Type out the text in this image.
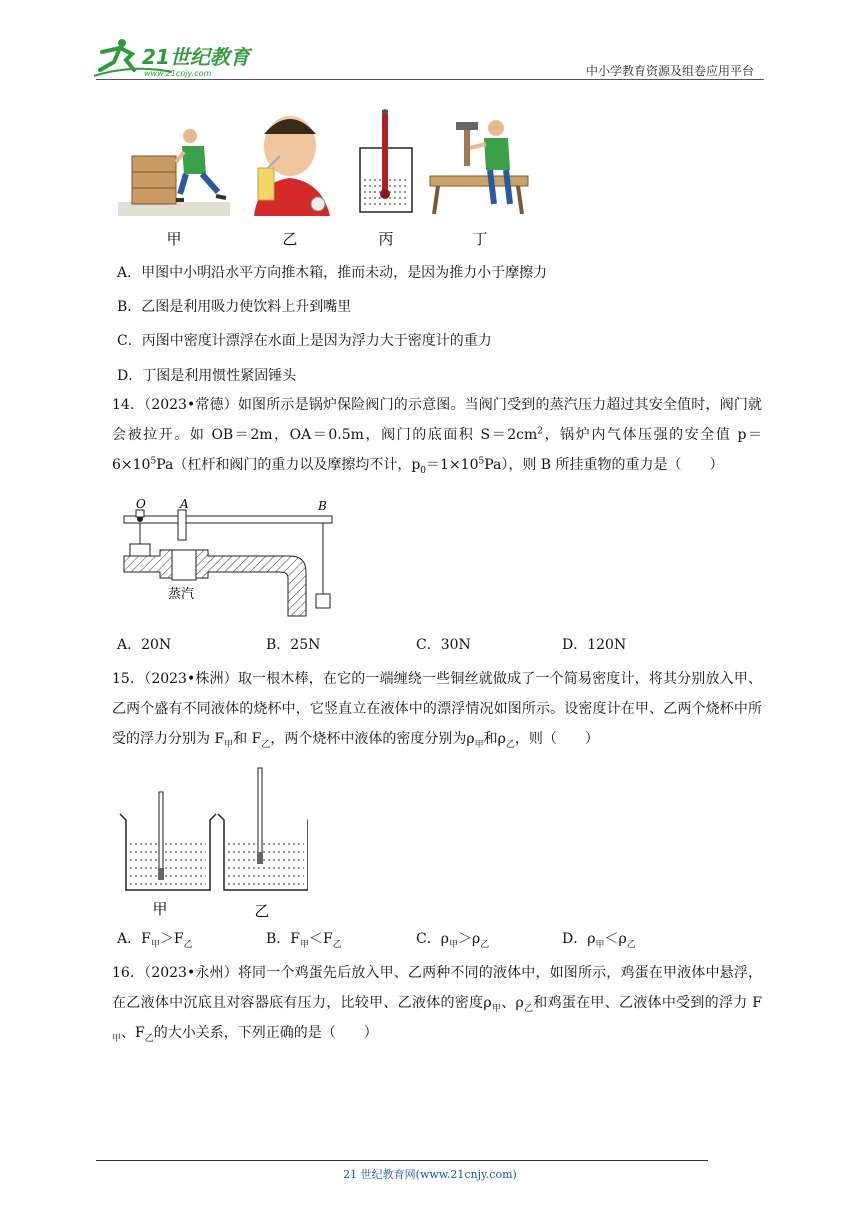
21世纪教育
www.21cnjy.com	中小学教育资源及组卷应用平台
甲	乙	丙	丁
A．甲图中小明沿水平方向推木箱，推而未动，是因为推力小于摩擦力
B．乙图是利用吸力使饮料上升到嘴里
C．丙图中密度计漂浮在水面上是因为浮力大于密度计的重力
D．丁图是利用惯性紧固锤头
14．（2023•常德）如图所示是锅炉保险阀门的示意图。当阀门受到的蒸汽压力超过其安全值时，阀门就会被拉开。如 OB＝2m，OA＝0.5m，阀门的底面积 $S=2cm^2$，锅炉内气体压强的安全值 $p=6\times 10^5Pa$（杠杆和阀门的重力以及摩擦均不计，$p_0=1\times 10^5Pa$），则 B 所挂重物的重力是（　　）
O	A	B
蒸汽
A．20N	B．25N	C．30N	D．120N
15．（2023•株洲）取一根木棒，在它的一端缠绕一些铜丝就做成了一个简易密度计，将其分别放入甲、乙两个盛有不同液体的烧杯中，它竖直立在液体中的漂浮情况如图所示。设密度计在甲、乙两个烧杯中所受的浮力分别为 $F_甲$和 $F_乙$，两个烧杯中液体的密度分别为$\rho_甲$和$\rho_乙$，则（　　）
甲	乙
A．$F_甲>F_乙$	B．$F_甲<F_乙$	C．$\rho_甲>\rho_乙$	D．$\rho_甲<\rho_乙$
16．（2023•永州）将同一个鸡蛋先后放入甲、乙两种不同的液体中，如图所示，鸡蛋在甲液体中悬浮，在乙液体中沉底且对容器底有压力，比较甲、乙液体的密度$\rho_甲$、$\rho_乙$和鸡蛋在甲、乙液体中受到的浮力 $F_甲$、$F_乙$的大小关系，下列正确的是（　　）
21 世纪教育网(www.21cnjy.com)
